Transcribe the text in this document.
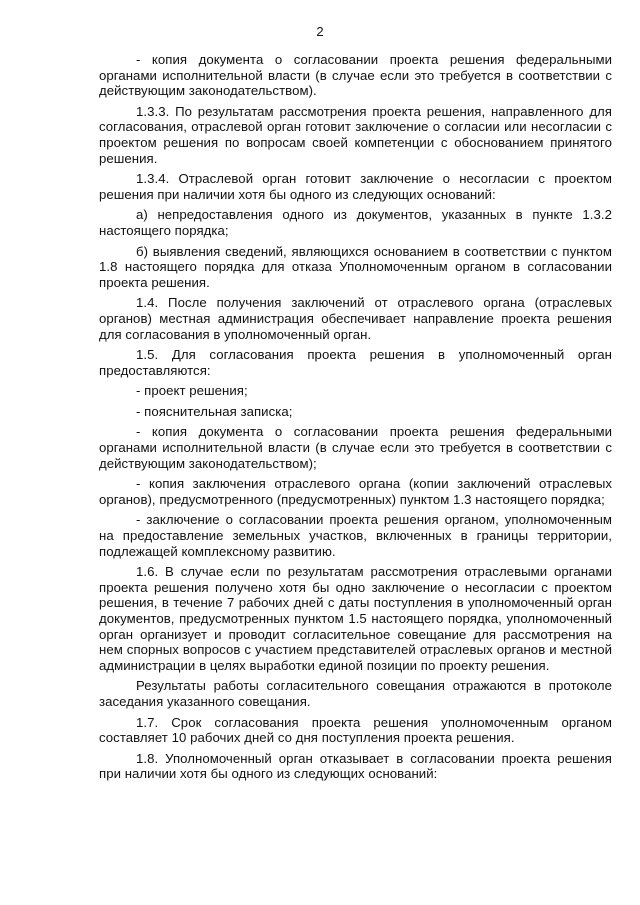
2

- копия документа о согласовании проекта решения федеральными органами исполнительной власти (в случае если это требуется в соответствии с действующим законодательством).

1.3.3. По результатам рассмотрения проекта решения, направленного для согласования, отраслевой орган готовит заключение о согласии или несогласии с проектом решения по вопросам своей компетенции с обоснованием принятого решения.

1.3.4. Отраслевой орган готовит заключение о несогласии с проектом решения при наличии хотя бы одного из следующих оснований:

а) непредоставления одного из документов, указанных в пункте 1.3.2 настоящего порядка;

б) выявления сведений, являющихся основанием в соответствии с пунктом 1.8 настоящего порядка для отказа Уполномоченным органом в согласовании проекта решения.

1.4. После получения заключений от отраслевого органа (отраслевых органов) местная администрация обеспечивает направление проекта решения для согласования в уполномоченный орган.

1.5. Для согласования проекта решения в уполномоченный орган предоставляются:

- проект решения;

- пояснительная записка;

- копия документа о согласовании проекта решения федеральными органами исполнительной власти (в случае если это требуется в соответствии с действующим законодательством);

- копия заключения отраслевого органа (копии заключений отраслевых органов), предусмотренного (предусмотренных) пунктом 1.3 настоящего порядка;

- заключение о согласовании проекта решения органом, уполномоченным на предоставление земельных участков, включенных в границы территории, подлежащей комплексному развитию.

1.6. В случае если по результатам рассмотрения отраслевыми органами проекта решения получено хотя бы одно заключение о несогласии с проектом решения, в течение 7 рабочих дней с даты поступления в уполномоченный орган документов, предусмотренных пунктом 1.5 настоящего порядка, уполномоченный орган организует и проводит согласительное совещание для рассмотрения на нем спорных вопросов с участием представителей отраслевых органов и местной администрации в целях выработки единой позиции по проекту решения.

Результаты работы согласительного совещания отражаются в протоколе заседания указанного совещания.

1.7. Срок согласования проекта решения уполномоченным органом составляет 10 рабочих дней со дня поступления проекта решения.

1.8. Уполномоченный орган отказывает в согласовании проекта решения при наличии хотя бы одного из следующих оснований:
